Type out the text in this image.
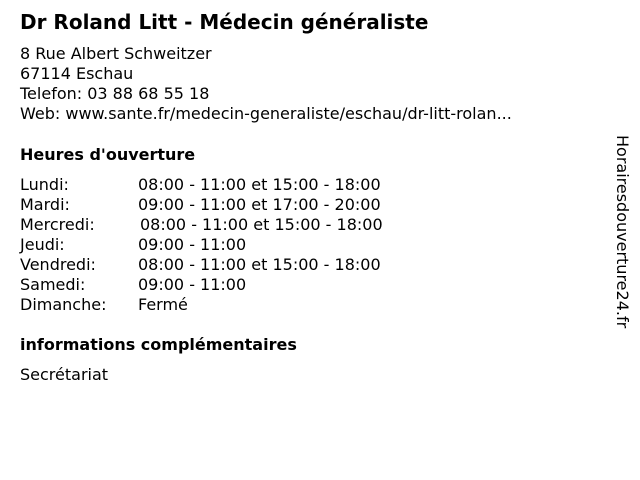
Dr Roland Litt - Médecin généraliste
8 Rue Albert Schweitzer
67114 Eschau
Telefon: 03 88 68 55 18
Web: www.sante.fr/medecin-generaliste/eschau/dr-litt-rolan...
Heures d'ouverture
Lundi:	08:00 - 11:00 et 15:00 - 18:00
Mardi:	09:00 - 11:00 et 17:00 - 20:00
Mercredi:	08:00 - 11:00 et 15:00 - 18:00
Jeudi:	09:00 - 11:00
Vendredi:	08:00 - 11:00 et 15:00 - 18:00
Samedi:	09:00 - 11:00
Dimanche: Fermé
informations complémentaires
Secrétariat
Horairesdouverture24.fr
